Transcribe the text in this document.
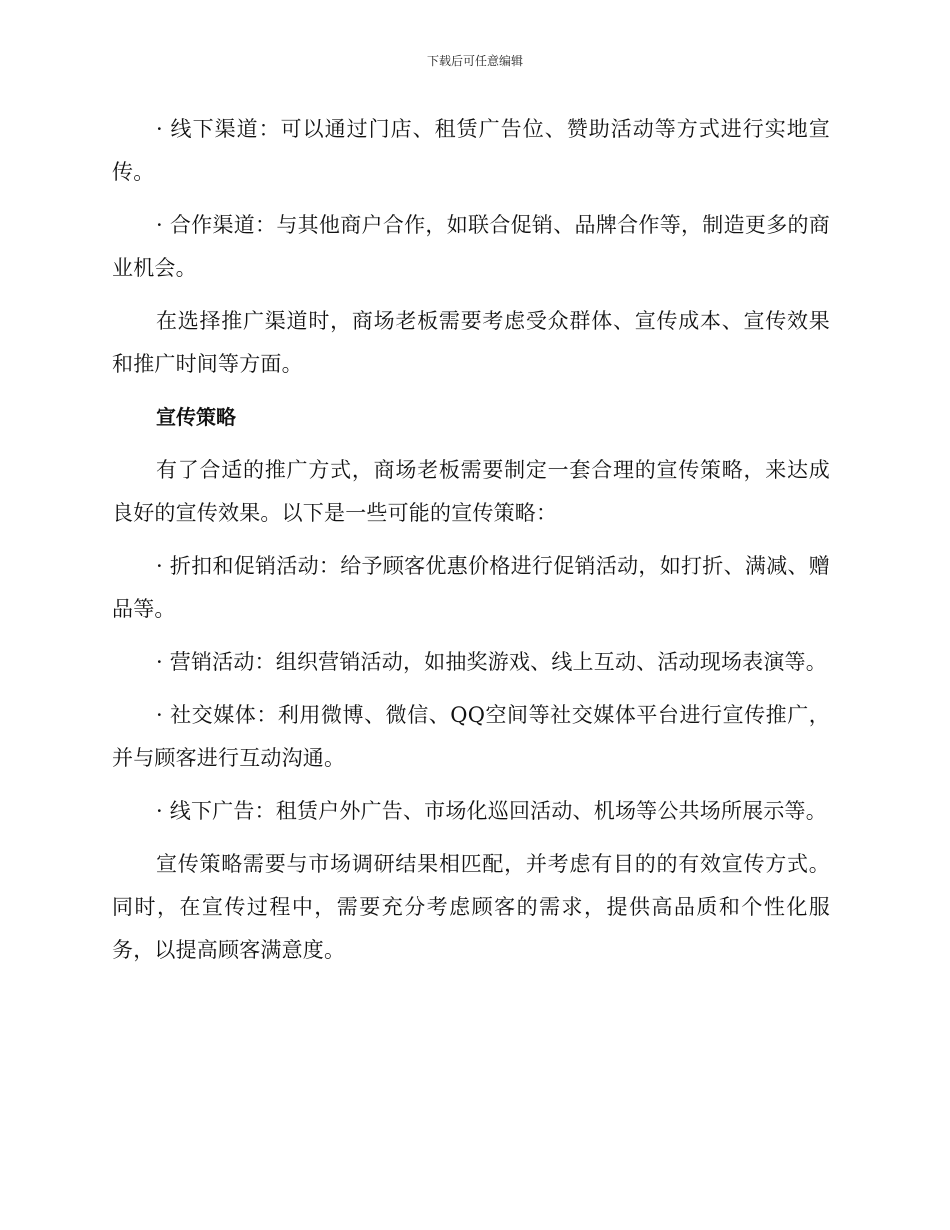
下载后可任意编辑

· 线下渠道：可以通过门店、租赁广告位、赞助活动等方式进行实地宣传。

· 合作渠道：与其他商户合作，如联合促销、品牌合作等，制造更多的商业机会。

在选择推广渠道时，商场老板需要考虑受众群体、宣传成本、宣传效果和推广时间等方面。

宣传策略

有了合适的推广方式，商场老板需要制定一套合理的宣传策略，来达成良好的宣传效果。以下是一些可能的宣传策略：

· 折扣和促销活动：给予顾客优惠价格进行促销活动，如打折、满减、赠品等。

· 营销活动：组织营销活动，如抽奖游戏、线上互动、活动现场表演等。

· 社交媒体：利用微博、微信、QQ空间等社交媒体平台进行宣传推广，并与顾客进行互动沟通。

· 线下广告：租赁户外广告、市场化巡回活动、机场等公共场所展示等。

宣传策略需要与市场调研结果相匹配，并考虑有目的的有效宣传方式。同时，在宣传过程中，需要充分考虑顾客的需求，提供高品质和个性化服务，以提高顾客满意度。
